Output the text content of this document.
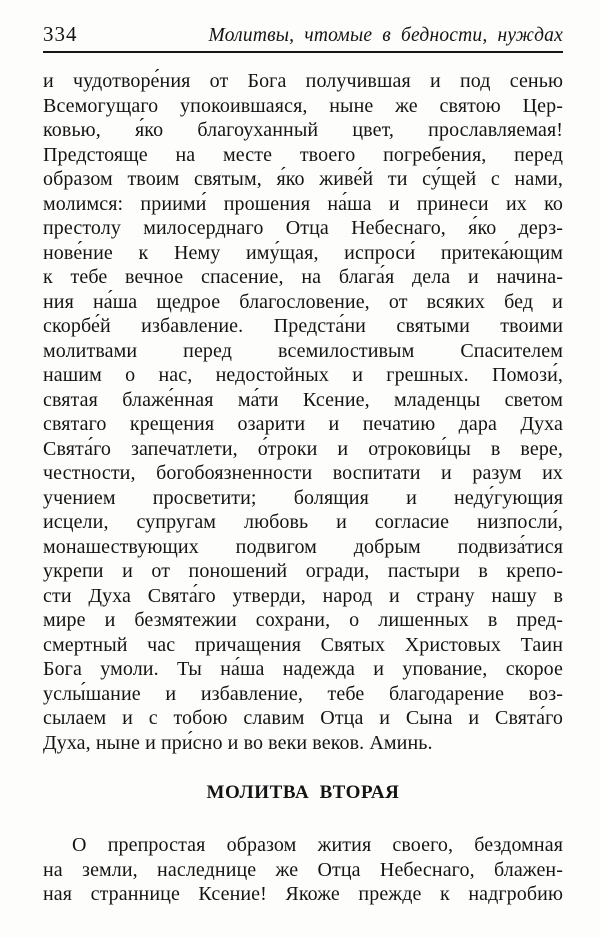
334	Молитвы, чтомые в бедности, нуждах
и чудотворе́ния от Бога получившая и под сенью
Всемогущаго упокоившаяся, ныне же святою Цер-
ковью, я́ко благоуханный цвет, прославляемая!
Предстояще на месте твоего погребения, перед
образом твоим святым, я́ко живе́й ти су́щей с нами,
молимся: приими́ прошения на́ша и принеси их ко
престолу милосерднаго Отца Небеснаго, я́ко дерз-
нове́ние к Нему иму́щая, испроси́ притека́ющим
к тебе вечное спасение, на блага́я дела и начина-
ния на́ша щедрое благословение, от всяких бед и
скорбе́й избавление. Предста́ни святыми твоими
молитвами перед всемилостивым Спасителем
нашим о нас, недостойных и грешных. Помози́,
святая блаже́нная ма́ти Ксение, младенцы светом
святаго крещения озарити и печатию дара Духа
Свята́го запечатлети, о́троки и отрокови́цы в вере,
честности, богобоязненности воспитати и разум их
учением просветити; болящия и неду́гующия
исцели, супругам любовь и согласие низпосли́,
монашествующих подвигом добрым подвиза́тися
укрепи и от поношений огради, пастыри в крепо-
сти Духа Свята́го утверди, народ и страну нашу в
мире и безмятежии сохрани, о лишенных в пред-
смертный час причащения Святых Христовых Таин
Бога умоли. Ты на́ша надежда и упование, скорое
услы́шание и избавление, тебе благодарение воз-
сылаем и с тобою славим Отца и Сына и Свята́го
Духа, ныне и при́сно и во веки веков. Аминь.
МОЛИТВА ВТОРАЯ
О препростая образом жития своего, бездомная
на земли, наследнице же Отца Небеснаго, блажен-
ная страннице Ксение! Якоже прежде к надгробию
